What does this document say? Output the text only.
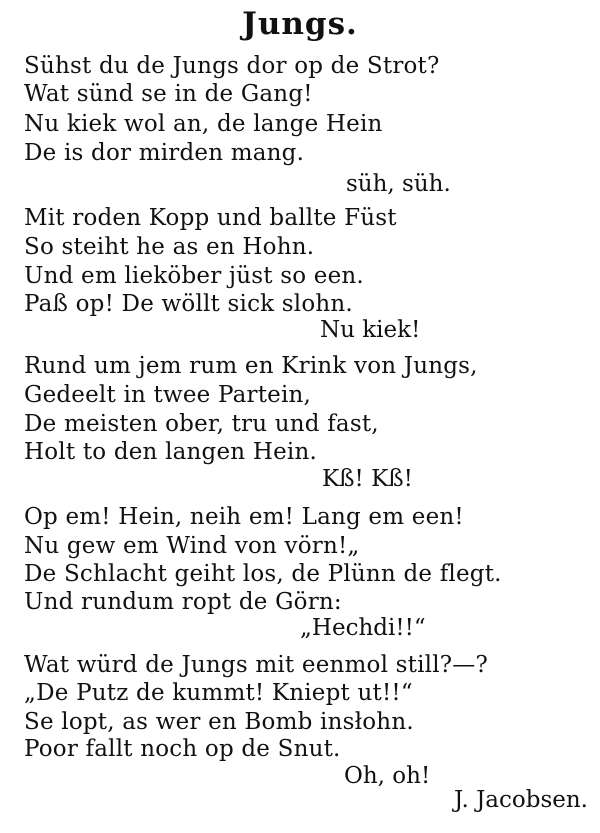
Jungs.
Sühst du de Jungs dor op de Strot?
Wat sünd se in de Gang!
Nu kiek wol an, de lange Hein
De is dor mirden mang.
süh, süh.
Mit roden Kopp und ballte Füst
So steiht he as en Hohn.
Und em lieköber jüst so een.
Paß op! De wöllt sick slohn.
Nu kiek!
Rund um jem rum en Krink von Jungs,
Gedeelt in twee Partein,
De meisten ober, tru und fast,
Holt to den langen Hein.
Kß! Kß!
Op em! Hein, neih em! Lang em een!
Nu gew em Wind von vörn!„
De Schlacht geiht los, de Plünn de flegt.
Und rundum ropt de Görn:
„Hechdi!!“
Wat würd de Jungs mit eenmol still?—?
„De Putz de kummt! Kniept ut!!“
Se lopt, as wer en Bomb insłohn.
Poor fallt noch op de Snut.
Oh, oh!
J. Jacobsen.
